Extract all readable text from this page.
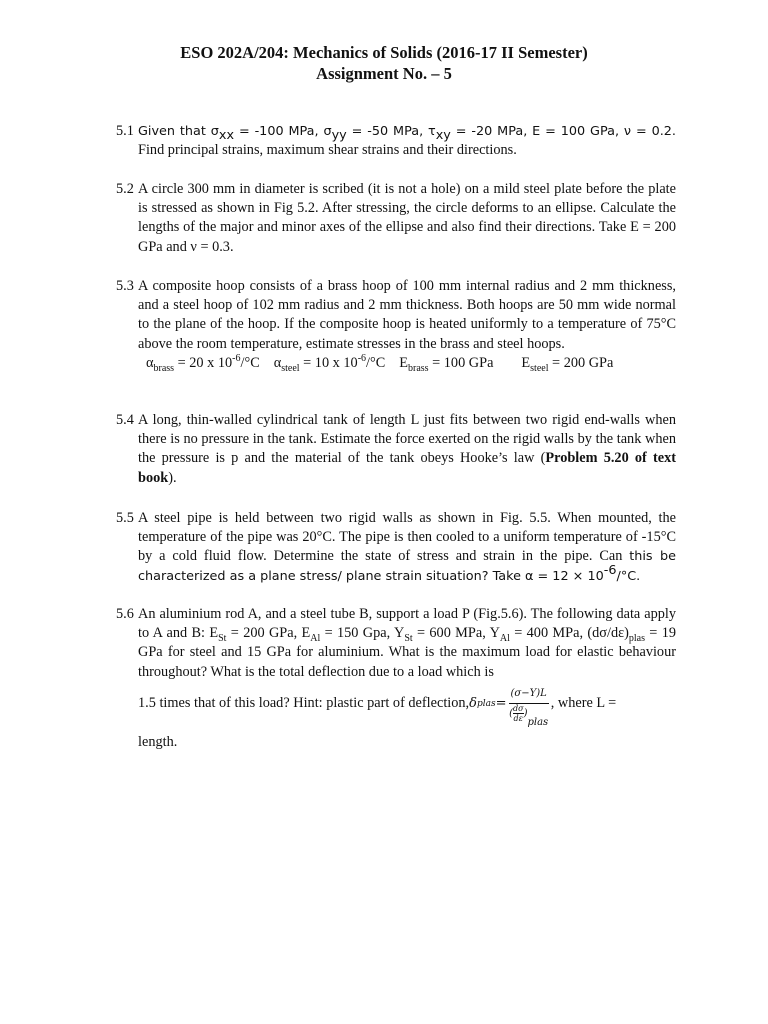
ESO 202A/204: Mechanics of Solids (2016-17 II Semester)
Assignment No. – 5
5.1 Given that $\sigma_{xx} = -100$ MPa, $\sigma_{yy} = -50$ MPa, $\tau_{xy} = -20$ MPa, E = 100 GPa, ν = 0.2. Find principal strains, maximum shear strains and their directions.
5.2 A circle 300 mm in diameter is scribed (it is not a hole) on a mild steel plate before the plate is stressed as shown in Fig 5.2. After stressing, the circle deforms to an ellipse. Calculate the lengths of the major and minor axes of the ellipse and also find their directions. Take E = 200 GPa and ν = 0.3.
5.3 A composite hoop consists of a brass hoop of 100 mm internal radius and 2 mm thickness, and a steel hoop of 102 mm radius and 2 mm thickness. Both hoops are 50 mm wide normal to the plane of the hoop. If the composite hoop is heated uniformly to a temperature of 75°C above the room temperature, estimate stresses in the brass and steel hoops.
$\alpha_{brass} = 20$ x $10^{-6}/^\circ C$ $\alpha_{steel} = 10$ x $10^{-6}/^\circ C$ $E_{brass} = 100$ GPa $E_{steel} = 200$ GPa
5.4 A long, thin-walled cylindrical tank of length L just fits between two rigid end-walls when there is no pressure in the tank. Estimate the force exerted on the rigid walls by the tank when the pressure is p and the material of the tank obeys Hooke’s law (Problem 5.20 of text book).
5.5 A steel pipe is held between two rigid walls as shown in Fig. 5.5. When mounted, the temperature of the pipe was 20°C. The pipe is then cooled to a uniform temperature of -15°C by a cold fluid flow. Determine the state of stress and strain in the pipe. Can this be characterized as a plane stress/ plane strain situation? Take $\alpha = 12 \times 10^{-6}/^\circ C$.
5.6 An aluminium rod A, and a steel tube B, support a load P (Fig.5.6). The following data apply to A and B: $E_{St} = 200$ GPa, $E_{Al} = 150$ Gpa, $Y_{St} = 600$ MPa, $Y_{Al} = 400$ MPa, $(d\sigma/d\varepsilon)_{plas} = 19$ GPa for steel and 15 GPa for aluminium. What is the maximum load for elastic behaviour throughout? What is the total deflection due to a load which is
1.5 times that of this load? Hint: plastic part of deflection, δ plas = (σ−Y)L
( dσ
dε )
plas , where L =
length.
